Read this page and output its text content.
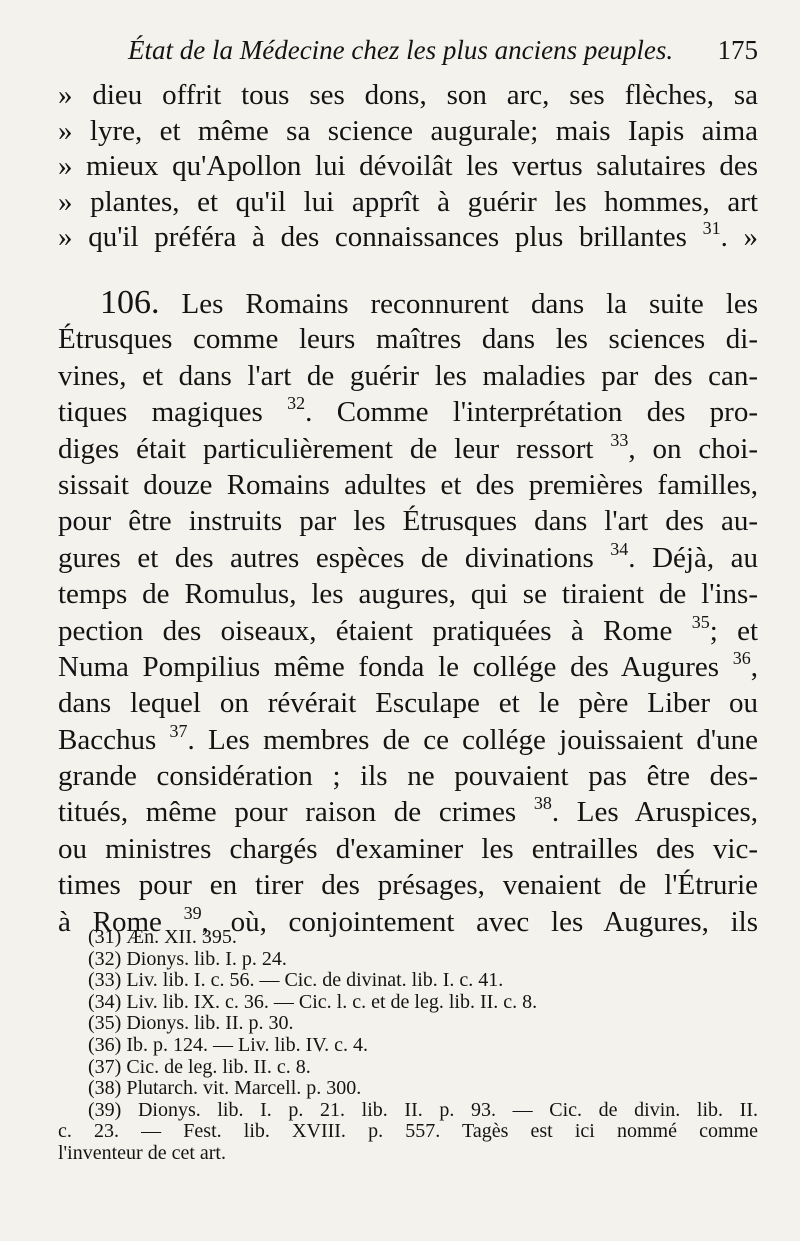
État de la Médecine chez les plus anciens peuples. 175
» dieu offrit tous ses dons, son arc, ses flèches, sa
» lyre, et même sa science augurale; mais Iapis aima
» mieux qu'Apollon lui dévoilât les vertus salutaires des
» plantes, et qu'il lui apprît à guérir les hommes, art
» qu'il préféra à des connaissances plus brillantes $^{31}$. »
106. Les Romains reconnurent dans la suite les
Étrusques comme leurs maîtres dans les sciences di-
vines, et dans l'art de guérir les maladies par des can-
tiques magiques $^{32}$. Comme l'interprétation des pro-
diges était particulièrement de leur ressort $^{33}$, on choi-
sissait douze Romains adultes et des premières familles,
pour être instruits par les Étrusques dans l'art des au-
gures et des autres espèces de divinations $^{34}$. Déjà, au
temps de Romulus, les augures, qui se tiraient de l'ins-
pection des oiseaux, étaient pratiquées à Rome $^{35}$; et
Numa Pompilius même fonda le collége des Augures $^{36}$,
dans lequel on révérait Esculape et le père Liber ou
Bacchus $^{37}$. Les membres de ce collége jouissaient d'une
grande considération ; ils ne pouvaient pas être des-
titués, même pour raison de crimes $^{38}$. Les Aruspices,
ou ministres chargés d'examiner les entrailles des vic-
times pour en tirer des présages, venaient de l'Étrurie
à Rome $^{39}$, où, conjointement avec les Augures, ils
(31) Æn. XII. 395.
(32) Dionys. lib. I. p. 24.
(33) Liv. lib. I. c. 56. — Cic. de divinat. lib. I. c. 41.
(34) Liv. lib. IX. c. 36. — Cic. l. c. et de leg. lib. II. c. 8.
(35) Dionys. lib. II. p. 30.
(36) Ib. p. 124. — Liv. lib. IV. c. 4.
(37) Cic. de leg. lib. II. c. 8.
(38) Plutarch. vit. Marcell. p. 300.
(39) Dionys. lib. I. p. 21. lib. II. p. 93. — Cic. de divin. lib. II.
c. 23. — Fest. lib. XVIII. p. 557. Tagès est ici nommé comme
l'inventeur de cet art.
